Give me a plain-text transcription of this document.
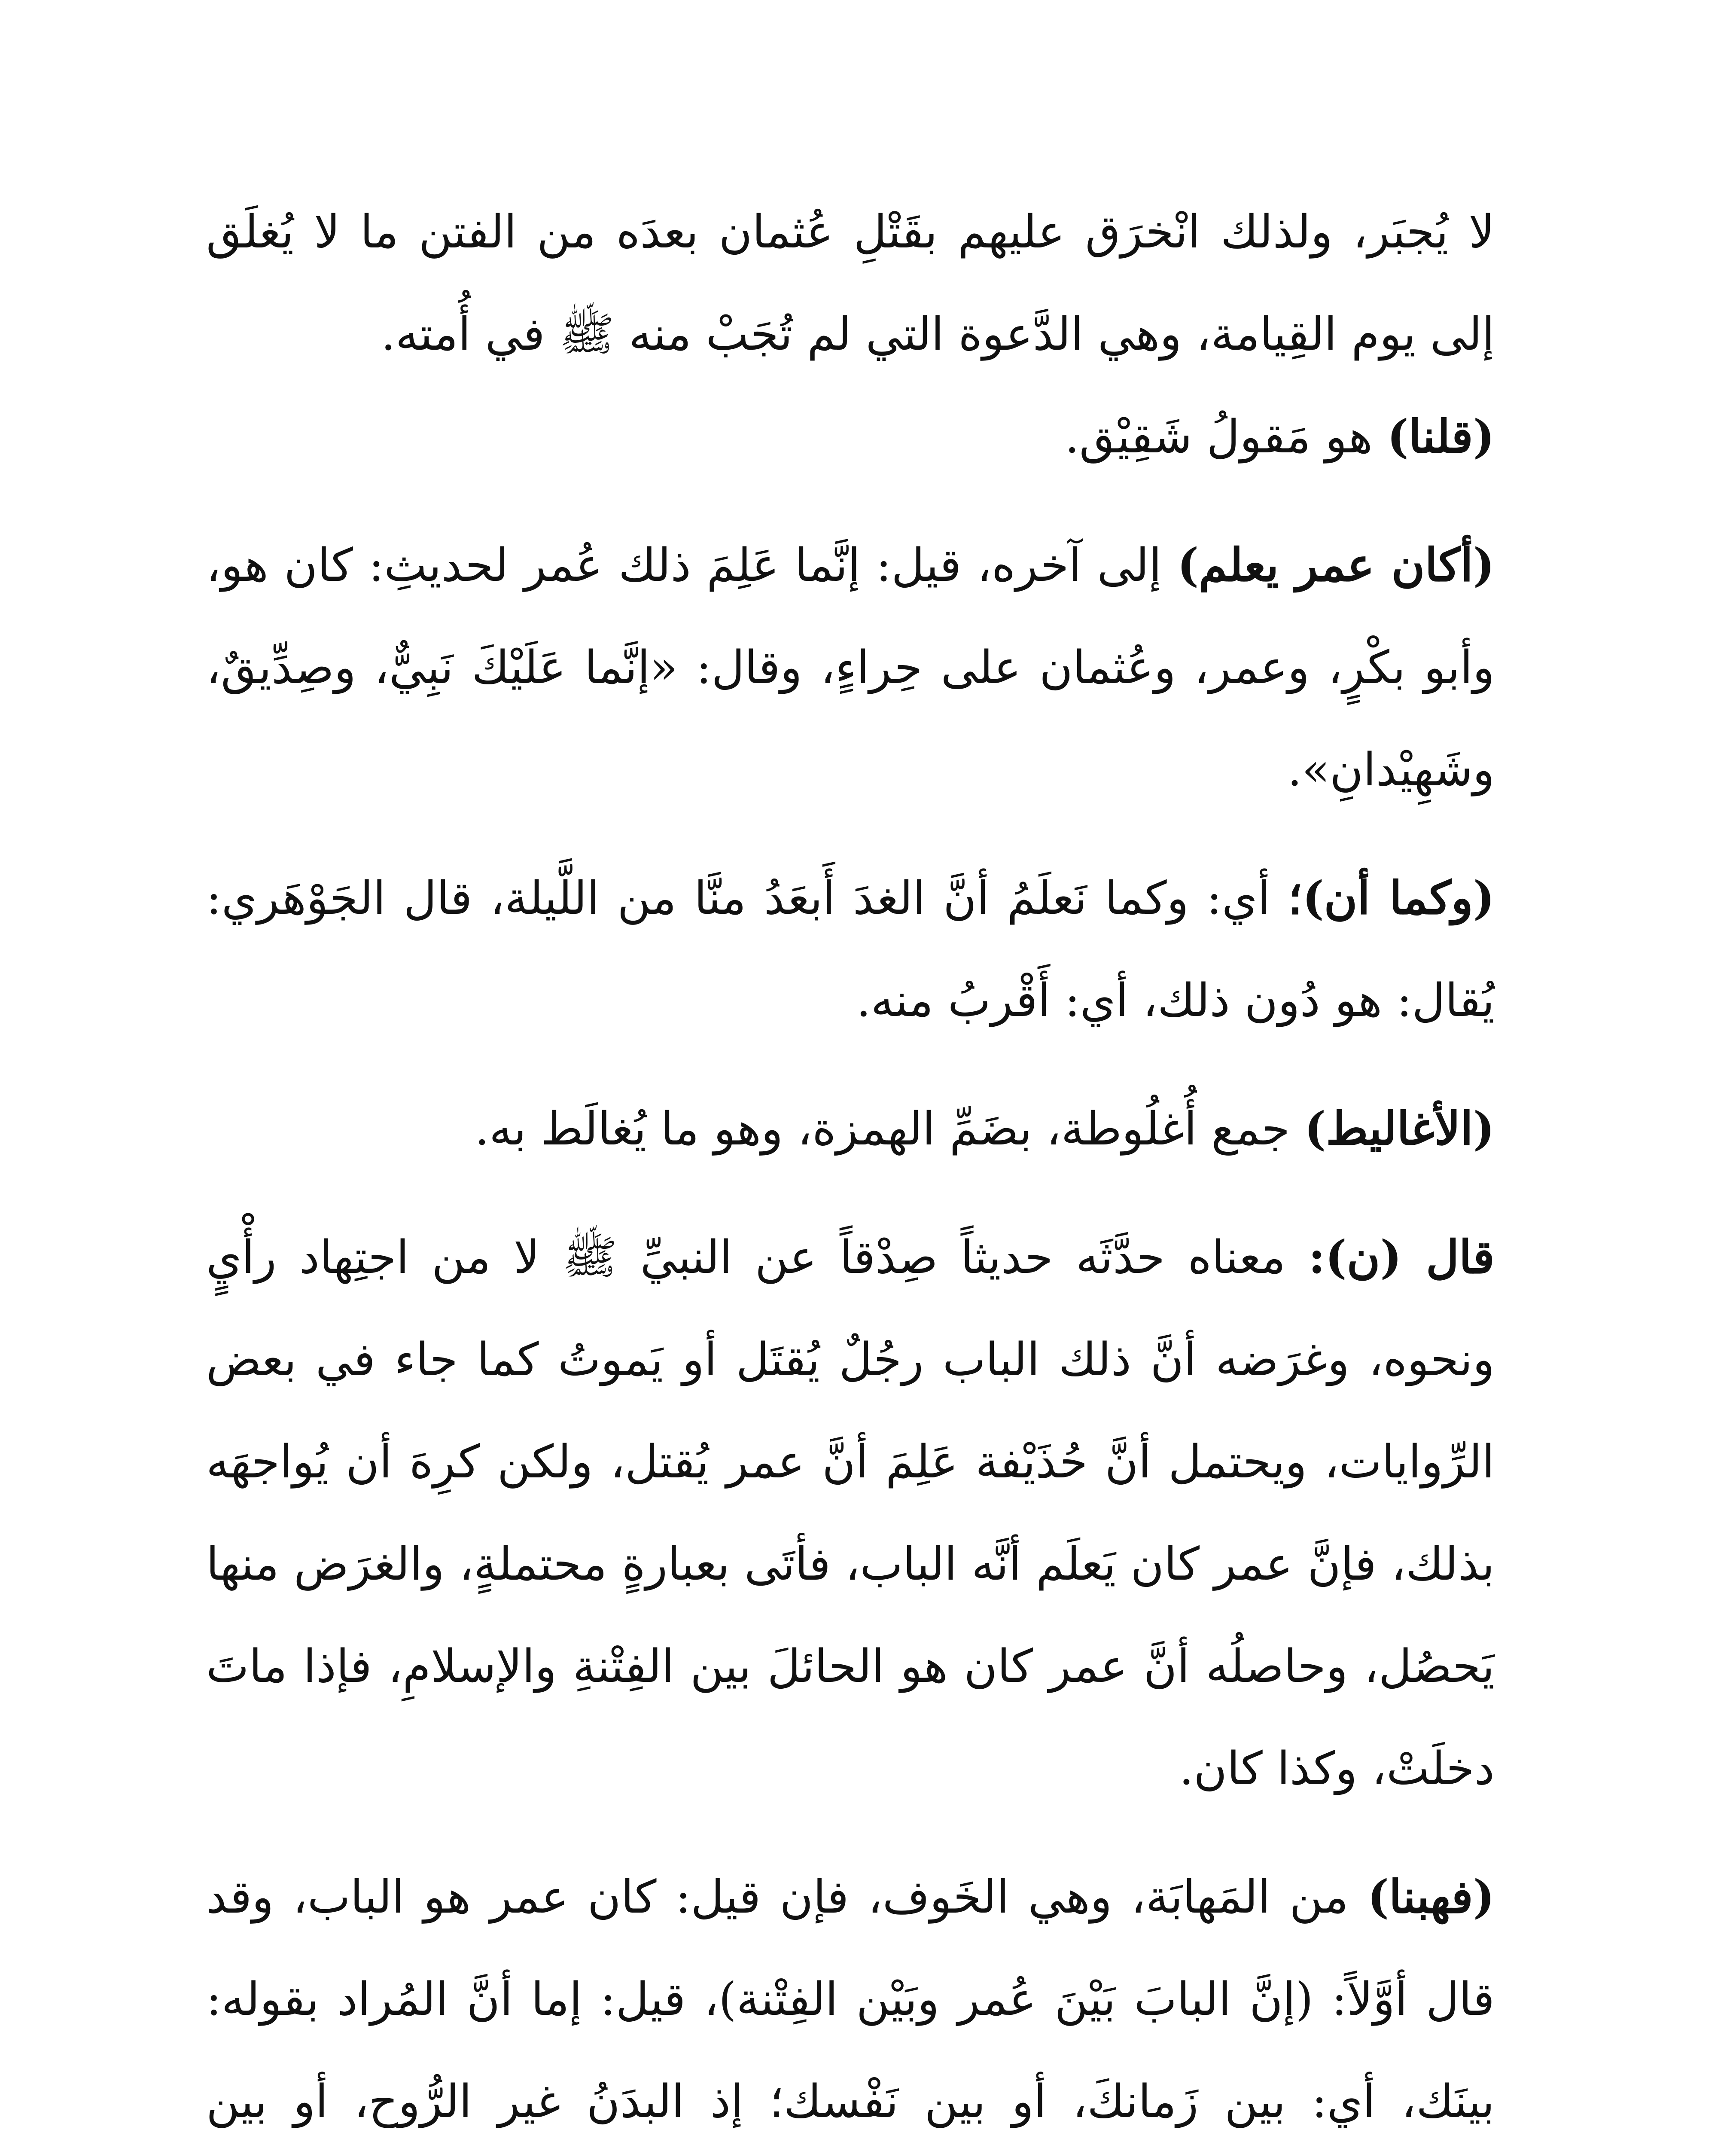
لا يُجبَر، ولذلك انْخرَق عليهم بقَتْلِ عُثمان بعدَه من الفتن ما لا يُغلَق إلى يوم القِيامة، وهي الدَّعوة التي لم تُجَبْ منه ﷺ في أُمته.

(قلنا) هو مَقولُ شَقِيْق.

(أكان عمر يعلم) إلى آخره، قيل: إنَّما عَلِمَ ذلك عُمر لحديثِ: كان هو، وأبو بكْرٍ، وعمر، وعُثمان على حِراءٍ، وقال: «إنَّما عَلَيْكَ نَبِيٌّ، وصِدِّيقٌ، وشَهِيْدانِ».

(وكما أن)؛ أي: وكما نَعلَمُ أنَّ الغدَ أَبعَدُ منَّا من اللَّيلة، قال الجَوْهَري: يُقال: هو دُون ذلك، أي: أَقْربُ منه.

(الأغاليط) جمع أُغلُوطة، بضَمِّ الهمزة، وهو ما يُغالَط به.

قال (ن): معناه حدَّثَه حديثاً صِدْقاً عن النبيِّ ﷺ لا من اجتِهاد رأْيٍ ونحوه، وغرَضه أنَّ ذلك الباب رجُلٌ يُقتَل أو يَموتُ كما جاء في بعض الرِّوايات، ويحتمل أنَّ حُذَيْفة عَلِمَ أنَّ عمر يُقتل، ولكن كرِهَ أن يُواجهَه بذلك، فإنَّ عمر كان يَعلَم أنَّه الباب، فأتَى بعبارةٍ محتملةٍ، والغرَض منها يَحصُل، وحاصلُه أنَّ عمر كان هو الحائلَ بين الفِتْنةِ والإسلامِ، فإذا ماتَ دخلَتْ، وكذا كان.

(فهبنا) من المَهابَة، وهي الخَوف، فإن قيل: كان عمر هو الباب، وقد قال أوَّلاً: (إنَّ البابَ بَيْنَ عُمر وبَيْن الفِتْنة)، قيل: إما أنَّ المُراد بقوله: بينَك، أي: بين زَمانكَ، أو بين نَفْسك؛ إذ البدَنُ غير الرُّوح، أو بين
